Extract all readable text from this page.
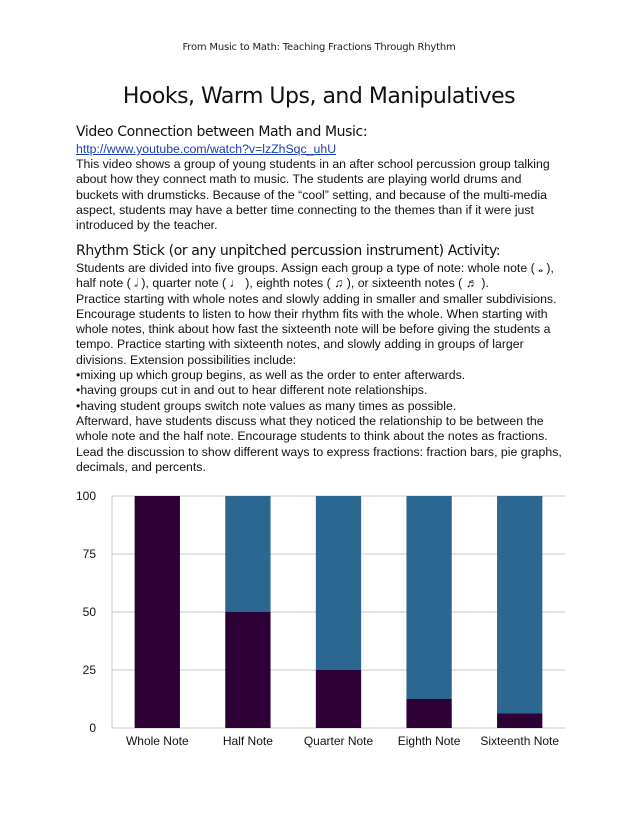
From Music to Math: Teaching Fractions Through Rhythm
Hooks, Warm Ups, and Manipulatives
Video Connection between Math and Music:
http://www.youtube.com/watch?v=lzZhSqc_uhU

This video shows a group of young students in an after school percussion group talking about how they connect math to music. The students are playing world drums and buckets with drumsticks. Because of the “cool” setting, and because of the multi-media aspect, students may have a better time connecting to the themes than if it were just introduced by the teacher.

Rhythm Stick (or any unpitched percussion instrument) Activity:

Students are divided into five groups. Assign each group a type of note: whole note ( 𝅝 ), half note ( 𝅗𝅥 ), quarter note ( ♩ ), eighth notes ( ♫ ), or sixteenth notes ( ♬ ).

Practice starting with whole notes and slowly adding in smaller and smaller subdivisions. Encourage students to listen to how their rhythm fits with the whole. When starting with whole notes, think about how fast the sixteenth note will be before giving the students a tempo. Practice starting with sixteenth notes, and slowly adding in groups of larger divisions. Extension possibilities include:

• mixing up which group begins, as well as the order to enter afterwards.
• having groups cut in and out to hear different note relationships.
• having student groups switch note values as many times as possible.

Afterward, have students discuss what they noticed the relationship to be between the whole note and the half note. Encourage students to think about the notes as fractions. Lead the discussion to show different ways to express fractions: fraction bars, pie graphs, decimals, and percents.

0
25
50
75
100
Whole Note	Half Note	Quarter Note Eighth Note Sixteenth Note
